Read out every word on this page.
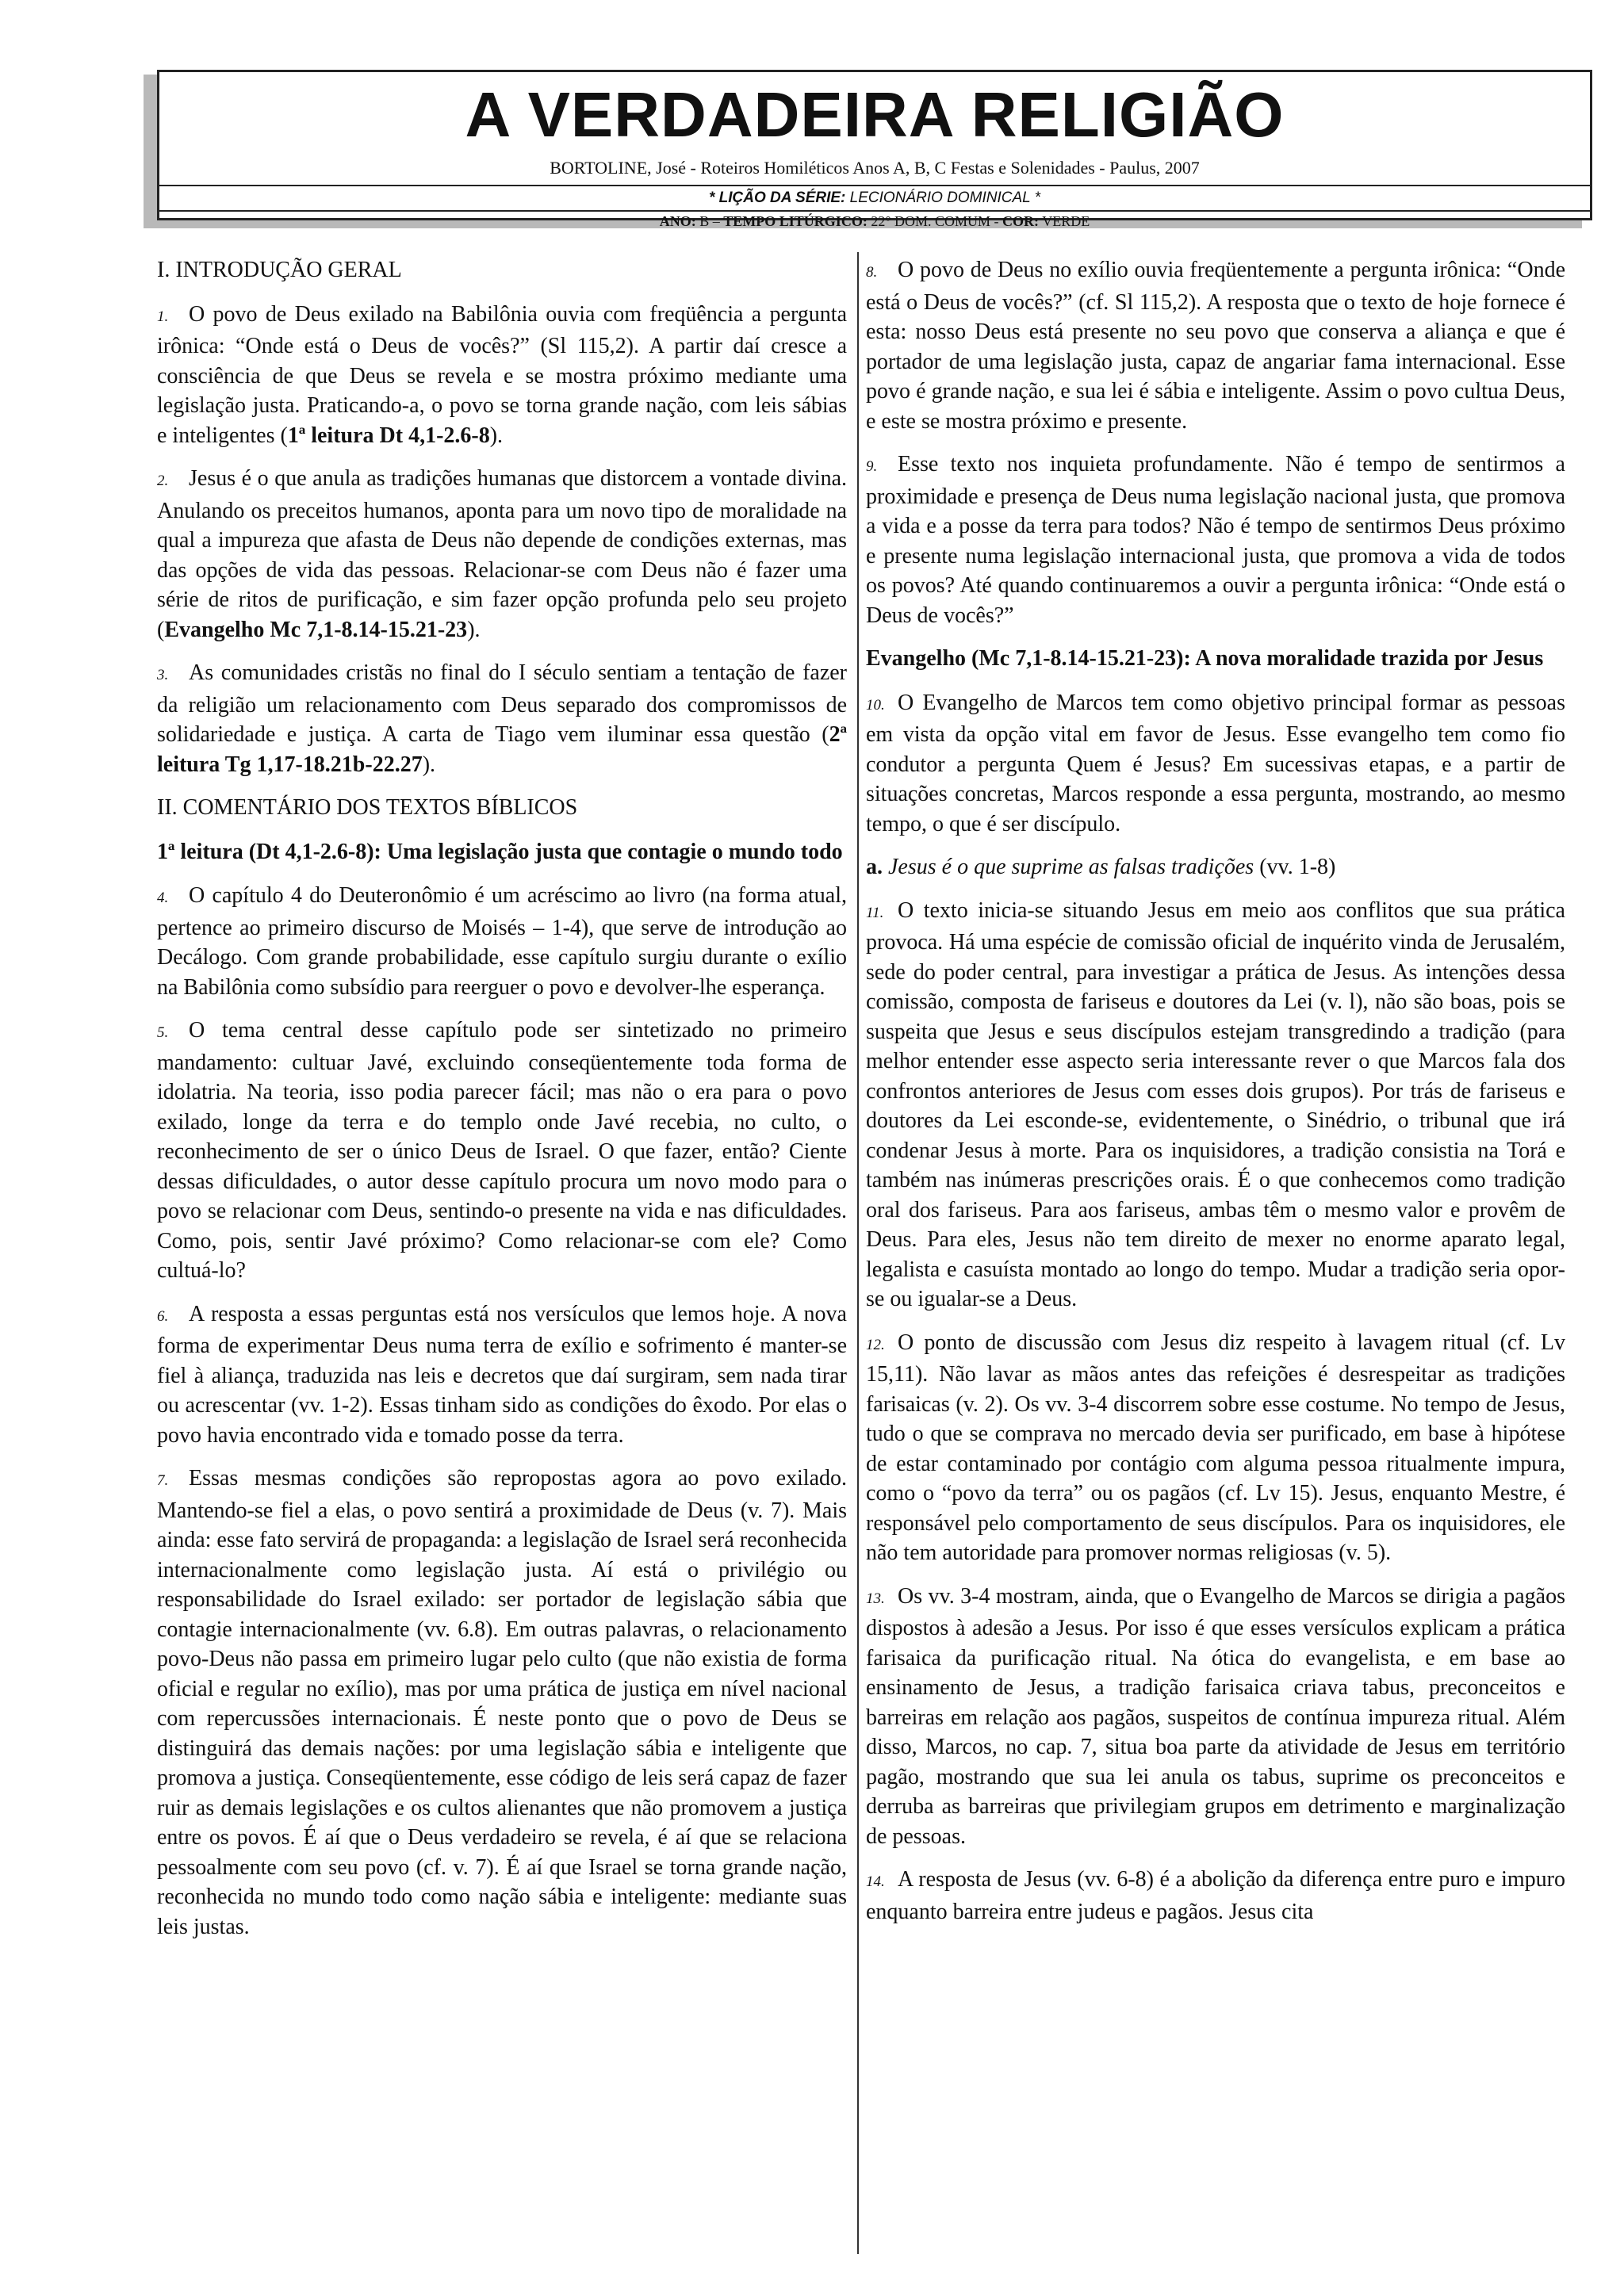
A VERDADEIRA RELIGIÃO
BORTOLINE, José - Roteiros Homiléticos Anos A, B, C Festas e Solenidades - Paulus, 2007
* LIÇÃO DA SÉRIE: LECIONÁRIO DOMINICAL *
ANO: B – TEMPO LITÚRGICO: 22° DOM. COMUM - COR: VERDE
I. INTRODUÇÃO GERAL

1. O povo de Deus exilado na Babilônia ouvia com freqüência a pergunta irônica: “Onde está o Deus de vocês?” (Sl 115,2). A partir daí cresce a consciência de que Deus se revela e se mostra próximo mediante uma legislação justa. Praticando-a, o povo se torna grande nação, com leis sábias e inteligentes (1ª leitura Dt 4,1-2.6-8).

2. Jesus é o que anula as tradições humanas que distorcem a vontade divina. Anulando os preceitos humanos, aponta para um novo tipo de moralidade na qual a impureza que afasta de Deus não depende de condições externas, mas das opções de vida das pessoas. Relacionar-se com Deus não é fazer uma série de ritos de purificação, e sim fazer opção profunda pelo seu projeto (Evangelho Mc 7,1-8.14-15.21-23).

3. As comunidades cristãs no final do I século sentiam a tentação de fazer da religião um relacionamento com Deus separado dos compromissos de solidariedade e justiça. A carta de Tiago vem iluminar essa questão (2ª leitura Tg 1,17-18.21b-22.27).

II. COMENTÁRIO DOS TEXTOS BÍBLICOS
1ª leitura (Dt 4,1-2.6-8): Uma legislação justa que contagie o mundo todo

4. O capítulo 4 do Deuteronômio é um acréscimo ao livro (na forma atual, pertence ao primeiro discurso de Moisés – 1-4), que serve de introdução ao Decálogo. Com grande probabilidade, esse capítulo surgiu durante o exílio na Babilônia como subsídio para reerguer o povo e devolver-lhe esperança.

5. O tema central desse capítulo pode ser sintetizado no primeiro mandamento: cultuar Javé, excluindo conseqüentemente toda forma de idolatria. Na teoria, isso podia parecer fácil; mas não o era para o povo exilado, longe da terra e do templo onde Javé recebia, no culto, o reconhecimento de ser o único Deus de Israel. O que fazer, então? Ciente dessas dificuldades, o autor desse capítulo procura um novo modo para o povo se relacionar com Deus, sentindo-o presente na vida e nas dificuldades. Como, pois, sentir Javé próximo? Como relacionar-se com ele? Como cultuá-lo?

6. A resposta a essas perguntas está nos versículos que lemos hoje. A nova forma de experimentar Deus numa terra de exílio e sofrimento é manter-se fiel à aliança, traduzida nas leis e decretos que daí surgiram, sem nada tirar ou acrescentar (vv. 1-2). Essas tinham sido as condições do êxodo. Por elas o povo havia encontrado vida e tomado posse da terra.

7. Essas mesmas condições são repropostas agora ao povo exilado. Mantendo-se fiel a elas, o povo sentirá a proximidade de Deus (v. 7). Mais ainda: esse fato servirá de propaganda: a legislação de Israel será reconhecida internacionalmente como legislação justa. Aí está o privilégio ou responsabilidade do Israel exilado: ser portador de legislação sábia que contagie internacionalmente (vv. 6.8). Em outras palavras, o relacionamento povo-Deus não passa em primeiro lugar pelo culto (que não existia de forma oficial e regular no exílio), mas por uma prática de justiça em nível nacional com repercussões internacionais. É neste ponto que o povo de Deus se distinguirá das demais nações: por uma legislação sábia e inteligente que promova a justiça. Conseqüentemente, esse código de leis será capaz de fazer ruir as demais legislações e os cultos alienantes que não promovem a justiça entre os povos. É aí que o Deus verdadeiro se revela, é aí que se relaciona pessoalmente com seu povo (cf. v. 7). É aí que Israel se torna grande nação, reconhecida no mundo todo como nação sábia e inteligente: mediante suas leis justas.

8. O povo de Deus no exílio ouvia freqüentemente a pergunta irônica: “Onde está o Deus de vocês?” (cf. Sl 115,2). A resposta que o texto de hoje fornece é esta: nosso Deus está presente no seu povo que conserva a aliança e que é portador de uma legislação justa, capaz de angariar fama internacional. Esse povo é grande nação, e sua lei é sábia e inteligente. Assim o povo cultua Deus, e este se mostra próximo e presente.

9. Esse texto nos inquieta profundamente. Não é tempo de sentirmos a proximidade e presença de Deus numa legislação nacional justa, que promova a vida e a posse da terra para todos? Não é tempo de sentirmos Deus próximo e presente numa legislação internacional justa, que promova a vida de todos os povos? Até quando continuaremos a ouvir a pergunta irônica: “Onde está o Deus de vocês?”

Evangelho (Mc 7,1-8.14-15.21-23): A nova moralidade trazida por Jesus

10. O Evangelho de Marcos tem como objetivo principal formar as pessoas em vista da opção vital em favor de Jesus. Esse evangelho tem como fio condutor a pergunta Quem é Jesus? Em sucessivas etapas, e a partir de situações concretas, Marcos responde a essa pergunta, mostrando, ao mesmo tempo, o que é ser discípulo.

a. Jesus é o que suprime as falsas tradições (vv. 1-8)

11. O texto inicia-se situando Jesus em meio aos conflitos que sua prática provoca. Há uma espécie de comissão oficial de inquérito vinda de Jerusalém, sede do poder central, para investigar a prática de Jesus. As intenções dessa comissão, composta de fariseus e doutores da Lei (v. l), não são boas, pois se suspeita que Jesus e seus discípulos estejam transgredindo a tradição (para melhor entender esse aspecto seria interessante rever o que Marcos fala dos confrontos anteriores de Jesus com esses dois grupos). Por trás de fariseus e doutores da Lei esconde-se, evidentemente, o Sinédrio, o tribunal que irá condenar Jesus à morte. Para os inquisidores, a tradição consistia na Torá e também nas inúmeras prescrições orais. É o que conhecemos como tradição oral dos fariseus. Para aos fariseus, ambas têm o mesmo valor e provêm de Deus. Para eles, Jesus não tem direito de mexer no enorme aparato legal, legalista e casuísta montado ao longo do tempo. Mudar a tradição seria opor-se ou igualar-se a Deus.

12. O ponto de discussão com Jesus diz respeito à lavagem ritual (cf. Lv 15,11). Não lavar as mãos antes das refeições é desrespeitar as tradições farisaicas (v. 2). Os vv. 3-4 discorrem sobre esse costume. No tempo de Jesus, tudo o que se comprava no mercado devia ser purificado, em base à hipótese de estar contaminado por contágio com alguma pessoa ritualmente impura, como o “povo da terra” ou os pagãos (cf. Lv 15). Jesus, enquanto Mestre, é responsável pelo comportamento de seus discípulos. Para os inquisidores, ele não tem autoridade para promover normas religiosas (v. 5).

13. Os vv. 3-4 mostram, ainda, que o Evangelho de Marcos se dirigia a pagãos dispostos à adesão a Jesus. Por isso é que esses versículos explicam a prática farisaica da purificação ritual. Na ótica do evangelista, e em base ao ensinamento de Jesus, a tradição farisaica criava tabus, preconceitos e barreiras em relação aos pagãos, suspeitos de contínua impureza ritual. Além disso, Marcos, no cap. 7, situa boa parte da atividade de Jesus em território pagão, mostrando que sua lei anula os tabus, suprime os preconceitos e derruba as barreiras que privilegiam grupos em detrimento e marginalização de pessoas.

14. A resposta de Jesus (vv. 6-8) é a abolição da diferença entre puro e impuro enquanto barreira entre judeus e pagãos. Jesus cita
